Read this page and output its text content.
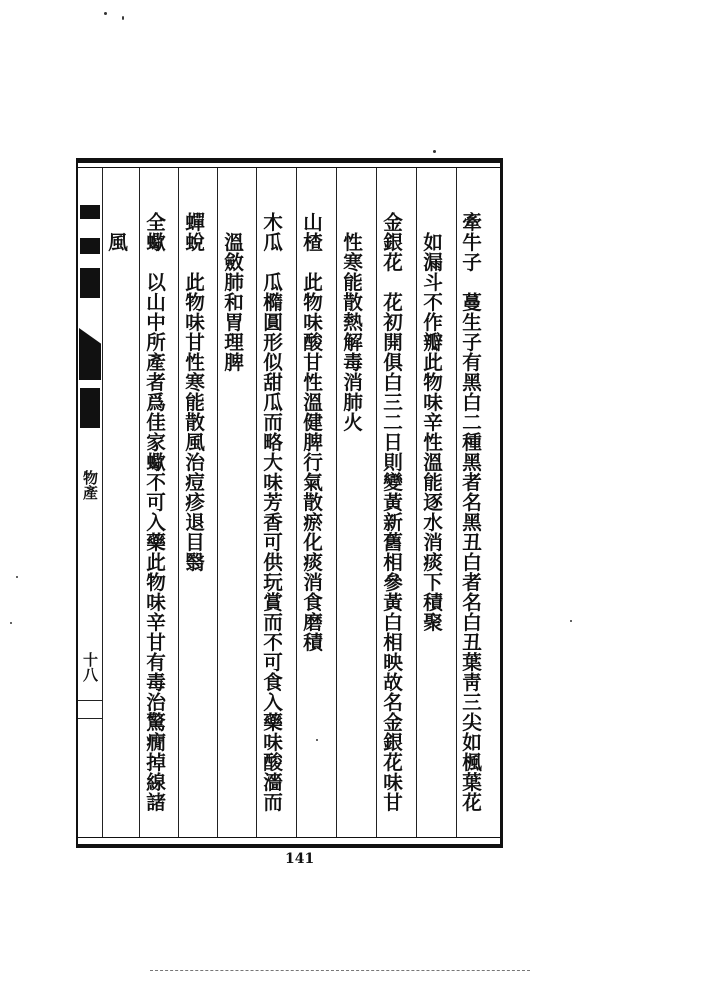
物產
十八	牽牛子　蔓生子有黑白二種黑者名黑丑白者名白丑葉靑三尖如楓葉花
如漏斗不作瓣此物味辛性溫能逐水消痰下積聚
金銀花　花初開俱白三二日則變黃新舊相參黃白相映故名金銀花味甘
性寒能散熱解毒消肺火
山楂　此物味酸甘性溫健脾行氣散瘀化痰消食磨積
木瓜　瓜橢圓形似甜瓜而略大味芳香可供玩賞而不可食入藥味酸濇而
溫斂肺和胃理脾
蟬蛻　此物味甘性寒能散風治痘疹退目翳
全蠍　以山中所產者爲佳家蠍不可入藥此物味辛甘有毒治驚癇掉線諸
風
141
